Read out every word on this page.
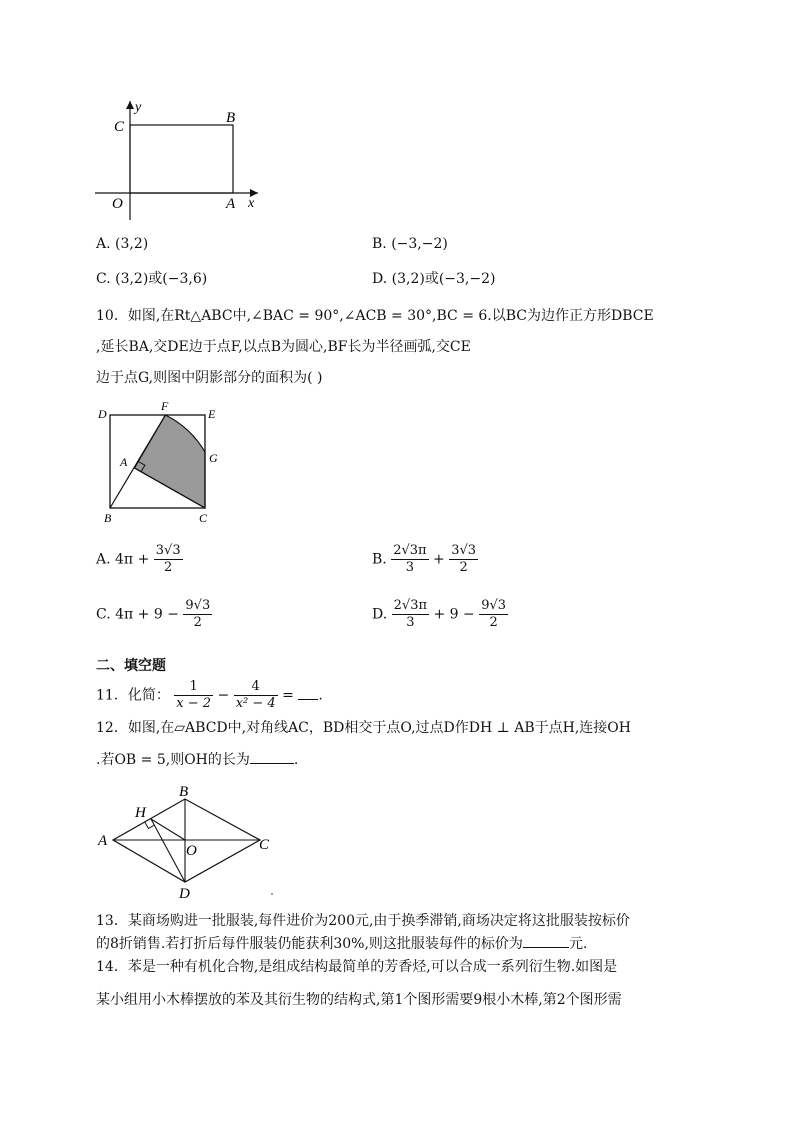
y
x
C
B
O	A
A. (3,2)	B. (−3,−2)
C. (3,2)或(−3,6)	D. (3,2)或(−3,−2)
10．如图,在Rt△ABC中,∠BAC = 90°,∠ACB = 30°,BC = 6.以BC为边作正方形DBCE
,延长BA,交DE边于点F,以点B为圆心,BF长为半径画弧,交CE
边于点G,则图中阴影部分的面积为( )
D
F
E
A	G
B	C
A. $4\pi + \frac{3√3}{2}$	B. $\frac{2√3\pi}{3} + \frac{3√3}{2}$
C. $4\pi + 9 - \frac{9√3}{2}$	D. $\frac{2√3\pi}{3} + 9 - \frac{9√3}{2}$
二、填空题
11．化简： $\frac{1}{x - 2} - \frac{4}{\text{x² − 4}}$ = .
12．如图,在▱ABCD中,对角线AC，BD相交于点O,过点D作DH ⊥ AB于点H,连接OH
.若OB = 5,则OH的长为	.
B
H
A
O	C
D
13．某商场购进一批服装,每件进价为200元,由于换季滞销,商场决定将这批服装按标价
的8折销售.若打折后每件服装仍能获利30%,则这批服装每件的标价为	元.
14．苯是一种有机化合物,是组成结构最简单的芳香烃,可以合成一系列衍生物.如图是
某小组用小木棒摆放的苯及其衍生物的结构式,第1个图形需要9根小木棒,第2个图形需
